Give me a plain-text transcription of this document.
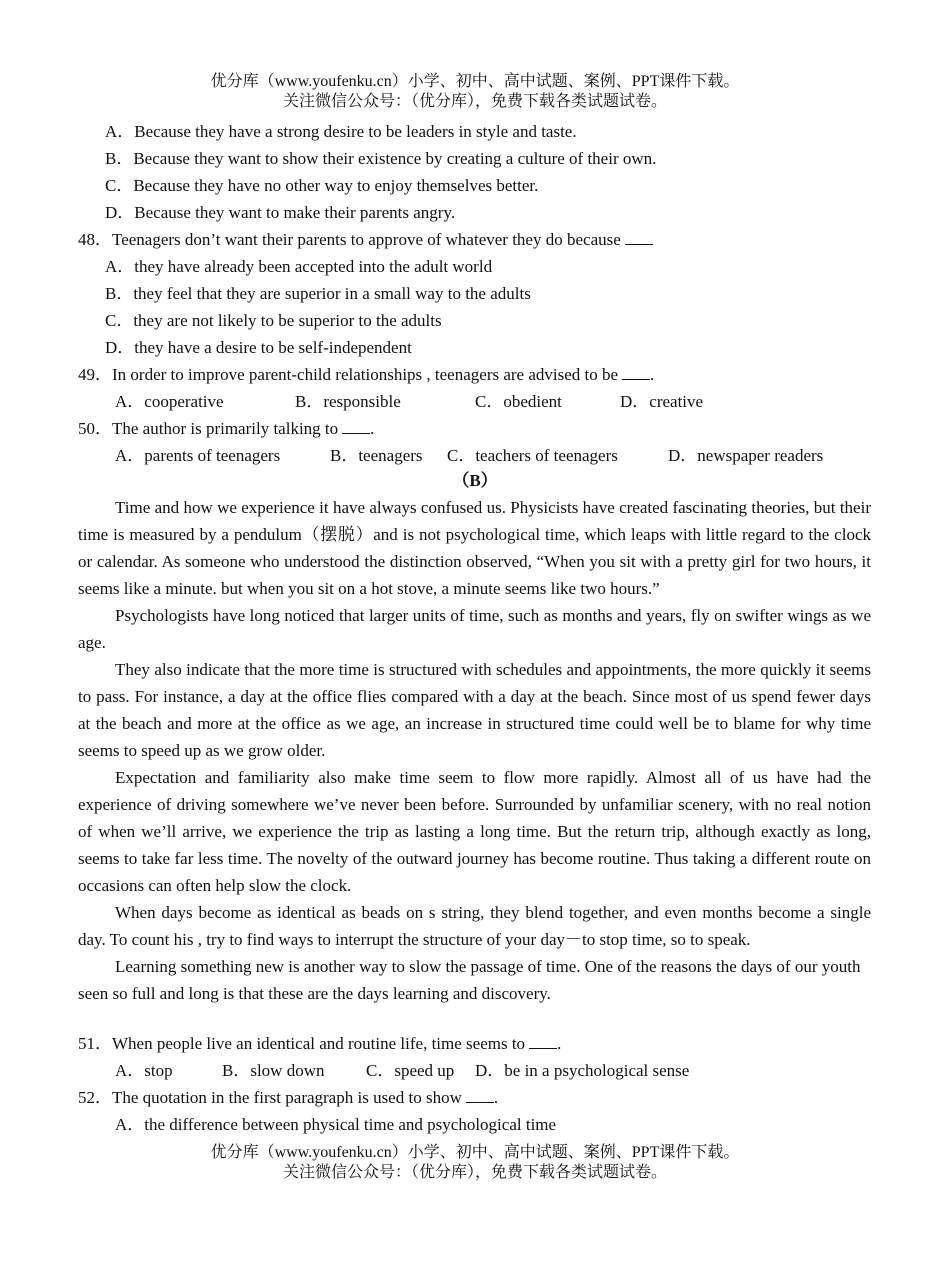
优分库（www.youfenku.cn）小学、初中、高中试题、案例、PPT课件下载。
关注微信公众号：（优分库），免费下载各类试题试卷。
A．Because they have a strong desire to be leaders in style and taste.
B．Because they want to show their existence by creating a culture of their own.
C．Because they have no other way to enjoy themselves better.
D．Because they want to make their parents angry.
48．Teenagers don’t want their parents to approve of whatever they do because
A．they have already been accepted into the adult world
B．they feel that they are superior in a small way to the adults
C．they are not likely to be superior to the adults
D．they have a desire to be self-independent
49．In order to improve parent-child relationships , teenagers are advised to be .
A．cooperative	B．responsible	C．obedient	D．creative
50．The author is primarily talking to .
A．parents of teenagers	B．teenagers C．teachers of teenagers	D．newspaper readers
（B）

Time and how we experience it have always confused us. Physicists have created fascinating theories, but their time is measured by a pendulum（摆脱）and is not psychological time, which leaps with little regard to the clock or calendar. As someone who understood the distinction observed, “When you sit with a pretty girl for two hours, it seems like a minute. but when you sit on a hot stove, a minute seems like two hours.”

Psychologists have long noticed that larger units of time, such as months and years, fly on swifter wings as we age.

They also indicate that the more time is structured with schedules and appointments, the more quickly it seems to pass. For instance, a day at the office flies compared with a day at the beach. Since most of us spend fewer days at the beach and more at the office as we age, an increase in structured time could well be to blame for why time seems to speed up as we grow older.

Expectation and familiarity also make time seem to flow more rapidly. Almost all of us have had the experience of driving somewhere we’ve never been before. Surrounded by unfamiliar scenery, with no real notion of when we’ll arrive, we experience the trip as lasting a long time. But the return trip, although exactly as long, seems to take far less time. The novelty of the outward journey has become routine. Thus taking a different route on occasions can often help slow the clock.

When days become as identical as beads on s string, they blend together, and even months become a single day. To count his , try to find ways to interrupt the structure of your day－to stop time, so to speak.

Learning something new is another way to slow the passage of time. One of the reasons the days of our youth seen so full and long is that these are the days learning and discovery.

51．When people live an identical and routine life, time seems to .
A．stop	B．slow down C．speed up D．be in a psychological sense
52．The quotation in the first paragraph is used to show .
A．the difference between physical time and psychological time
优分库（www.youfenku.cn）小学、初中、高中试题、案例、PPT课件下载。
关注微信公众号：（优分库），免费下载各类试题试卷。
